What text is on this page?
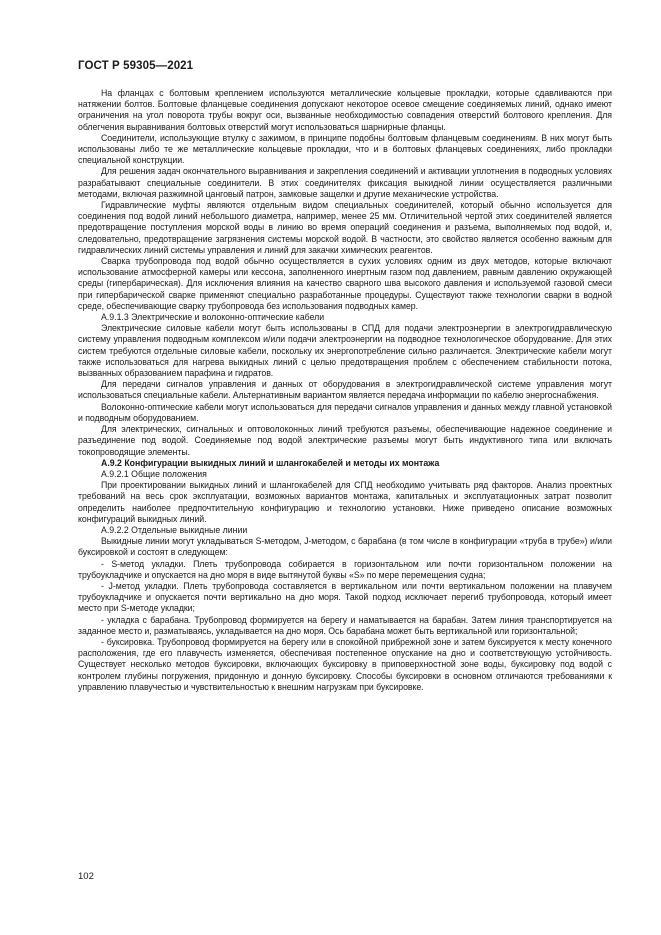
ГОСТ Р 59305—2021

На фланцах с болтовым креплением используются металлические кольцевые прокладки, которые сдавливаются при натяжении болтов. Болтовые фланцевые соединения допускают некоторое осевое смещение соединяемых линий, однако имеют ограничения на угол поворота трубы вокруг оси, вызванные необходимостью совпадения отверстий болтового крепления. Для облегчения выравнивания болтовых отверстий могут использоваться шарнирные фланцы.

Соединители, использующие втулку с зажимом, в принципе подобны болтовым фланцевым соединениям. В них могут быть использованы либо те же металлические кольцевые прокладки, что и в болтовых фланцевых соединениях, либо прокладки специальной конструкции.

Для решения задач окончательного выравнивания и закрепления соединений и активации уплотнения в подводных условиях разрабатывают специальные соединители. В этих соединителях фиксация выкидной линии осуществляется различными методами, включая разжимной цанговый патрон, замковые защелки и другие механические устройства.

Гидравлические муфты являются отдельным видом специальных соединителей, который обычно используется для соединения под водой линий небольшого диаметра, например, менее 25 мм. Отличительной чертой этих соединителей является предотвращение поступления морской воды в линию во время операций соединения и разъема, выполняемых под водой, и, следовательно, предотвращение загрязнения системы морской водой. В частности, это свойство является особенно важным для гидравлических линий системы управления и линий для закачки химических реагентов.

Сварка трубопровода под водой обычно осуществляется в сухих условиях одним из двух методов, которые включают использование атмосферной камеры или кессона, заполненного инертным газом под давлением, равным давлению окружающей среды (гипербарическая). Для исключения влияния на качество сварного шва высокого давления и используемой газовой смеси при гипербарической сварке применяют специально разработанные процедуры. Существуют также технологии сварки в водной среде, обеспечивающие сварку трубопровода без использования подводных камер.

А.9.1.3 Электрические и волоконно-оптические кабели

Электрические силовые кабели могут быть использованы в СПД для подачи электроэнергии в электрогидравлическую систему управления подводным комплексом и/или подачи электроэнергии на подводное технологическое оборудование. Для этих систем требуются отдельные силовые кабели, поскольку их энергопотребление сильно различается. Электрические кабели могут также использоваться для нагрева выкидных линий с целью предотвращения проблем с обеспечением стабильности потока, вызванных образованием парафина и гидратов.

Для передачи сигналов управления и данных от оборудования в электрогидравлической системе управления могут использоваться специальные кабели. Альтернативным вариантом является передача информации по кабелю энергоснабжения.

Волоконно-оптические кабели могут использоваться для передачи сигналов управления и данных между главной установкой и подводным оборудованием.

Для электрических, сигнальных и оптоволоконных линий требуются разъемы, обеспечивающие надежное соединение и разъединение под водой. Соединяемые под водой электрические разъемы могут быть индуктивного типа или включать токопроводящие элементы.

А.9.2 Конфигурации выкидных линий и шлангокабелей и методы их монтажа

А.9.2.1 Общие положения

При проектировании выкидных линий и шлангокабелей для СПД необходимо учитывать ряд факторов. Анализ проектных требований на весь срок эксплуатации, возможных вариантов монтажа, капитальных и эксплуатационных затрат позволит определить наиболее предпочтительную конфигурацию и технологию установки. Ниже приведено описание возможных конфигураций выкидных линий.

А.9.2.2 Отдельные выкидные линии

Выкидные линии могут укладываться S-методом, J-методом, с барабана (в том числе в конфигурации «труба в трубе») и/или буксировкой и состоят в следующем:

- S-метод укладки. Плеть трубопровода собирается в горизонтальном или почти горизонтальном положении на трубоукладчике и опускается на дно моря в виде вытянутой буквы «S» по мере перемещения судна;

- J-метод укладки. Плеть трубопровода составляется в вертикальном или почти вертикальном положении на плавучем трубоукладчике и опускается почти вертикально на дно моря. Такой подход исключает перегиб трубопровода, который имеет место при S-методе укладки;

- укладка с барабана. Трубопровод формируется на берегу и наматывается на барабан. Затем линия транспортируется на заданное место и, разматываясь, укладывается на дно моря. Ось барабана может быть вертикальной или горизонтальной;

- буксировка. Трубопровод формируется на берегу или в спокойной прибрежной зоне и затем буксируется к месту конечного расположения, где его плавучесть изменяется, обеспечивая постепенное опускание на дно и соответствующую устойчивость. Существует несколько методов буксировки, включающих буксировку в приповерхностной зоне воды, буксировку под водой с контролем глубины погружения, придонную и донную буксировку. Способы буксировки в основном отличаются требованиями к управлению плавучестью и чувствительностью к внешним нагрузкам при буксировке.

102
